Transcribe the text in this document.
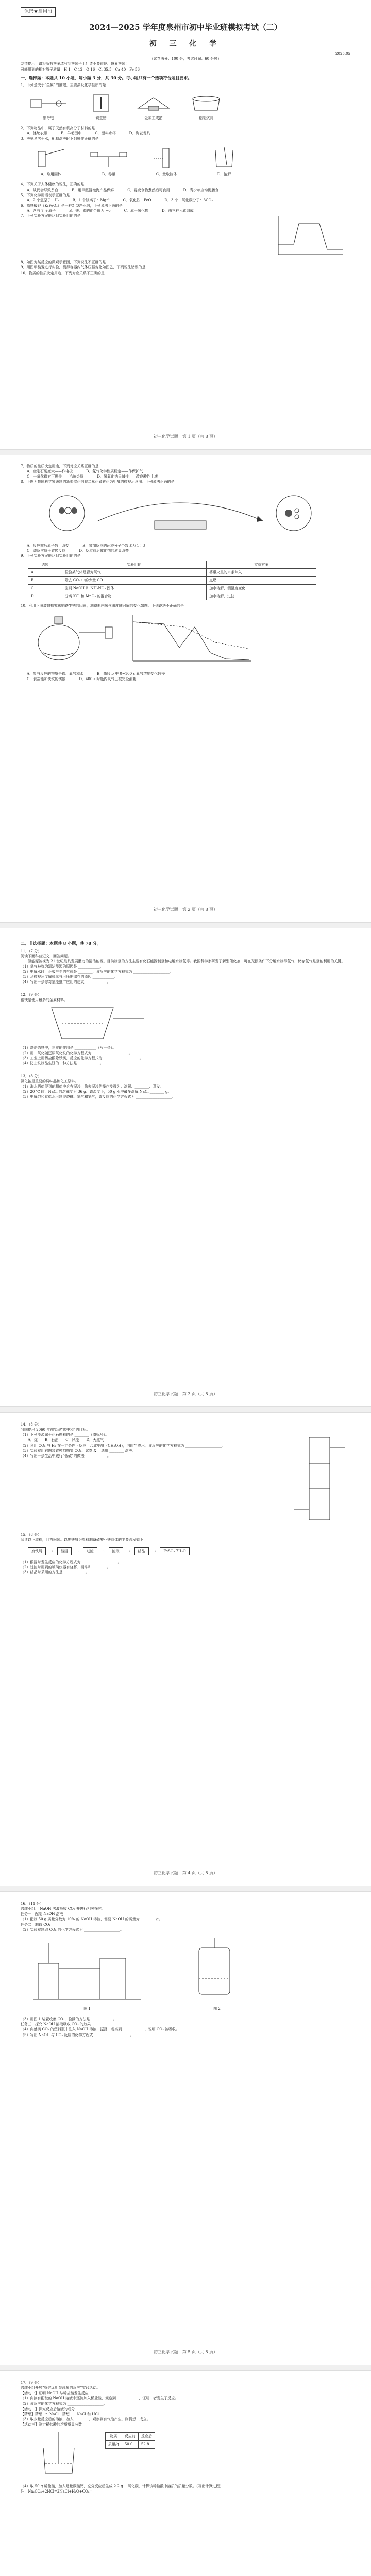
保密★启用前
2024—2025 学年度泉州市初中毕业班模拟考试（二）
初 三 化 学
2025.05

（试卷满分：100 分；考试时间：60 分钟）

友情提示：请将所有答案填写到答题卡上！请不要错位、越界答题！

可能用到的相对原子质量：H 1　C 12　O 16　Cl 35.5　Ca 40　Fe 56

一、选择题：本题共 10 小题，每小题 3 分，共 30 分。每小题只有一个选项符合题目要求。

1．下列是关于“金属”的描述，主要涉及化学性质的是

铜导电	铁生锈	金加工成箔	铝制炊具

2．下列物品中，属于天然有机高分子材料的是

A．涤纶衣服	B．羊毛围巾	C．塑料水杯	D．陶瓷餐具

3．液氨易溶于水，配制溶液时下列操作正确的是

A．取用固体	B．称量	C．量取液体	D．溶解

4．下列关于人体健康的说法，正确的是

A．缺钙会导致贫血	B．用甲醛浸泡海产品保鲜	C．霉变食物煮熟后可食用	D．青少年应均衡膳食

5．下列化学用语表示正确的是

A．2 个氢原子：H₂	B．1 个镁离子：Mg⁺²	C．氧化铁：FeO	D．3 个二氧化碳分子：3CO₂

6．高铁酸钾（K₂FeO₄）是一种新型净水剂，下列说法正确的是

A．含有 7 个原子	B．铁元素的化合价为 +6	C．属于氧化物	D．由三种元素组成

7．下列实验方案能达到实验目的的是

8．如图为某反应的微观示意图，下列说法不正确的是

9．用图甲装置进行实验，测得容器内气体压强变化如图乙，下列说法错误的是

10．物质的性质决定用途，下列对应关系不正确的是

初三化学试题　第 1 页（共 8 页）

7．物质的性质决定用途，下列对应关系正确的是

A．金刚石硬度大——作电极	B．氮气化学性质稳定——作保护气
C．一氧化碳有可燃性——冶炼金属	D．氢氧化钠呈碱性——改良酸性土壤

8．下图为我国科学家研制的新型催化剂将二氧化碳转化为甲醇的微观示意图。下列说法正确的是

A．反应前后原子数目改变	B．参加反应的两种分子个数比为 1∶3
C．该反应属于置换反应	D．反应前后催化剂的质量改变

9．下列实验方案能达到实验目的的是

选项	实验目的	实验方案
A	检验某气体是否为氧气	将带火星的木条伸入
B	除去 CO₂ 中的少量 CO	点燃
C	鉴别 NaOH 和 NH₄NO₃ 固体	加水溶解，测温度变化
D	分离 KCl 和 MnO₂ 的混合物	加水溶解、过滤

10．利用下图装置探究影响铁生锈的因素，测得瓶内氧气浓度随时间的变化如图。下列说法不正确的是

A．参与反应的物质是铁、氧气和水	B．曲线 b 中 0~100 s 氧气浓度变化较慢
C．食盐能加快铁的锈蚀	D．400 s 时瓶内氧气已被完全消耗
初三化学试题　第 2 页（共 8 页）
二、非选择题：本题共 8 小题，共 70 分。

11．（7 分）

阅读下面科普短文，回答问题。

氢能源被视为 21 世纪最具发展潜力的清洁能源。目前制氢的方法主要有化石能源制氢和电解水制氢等。我国科学家研发了新型催化剂，可在光照条件下分解水制得氢气，储存氢气是氢能利用的关键。

（1）氢气被称为清洁能源的原因是 ____________。

（2）电解水时，正极产生的气体是 ________，该反应的化学方程式为 ____________________。

（3）从微观角度解释氢气可压缩储存的原因 ____________。

（4）写出一条你对氢能推广应用的建议 ____________。

12．（9 分）

钢铁是使用最多的金属材料。

（1）高炉炼铁中，焦炭的作用是 ____________（写一条）。

（2）用一氧化碳还原氧化铁的化学方程式为 ____________________。

（3）工业上用稀盐酸除铁锈，反应的化学方程式为 ____________________。

（4）防止铁制品生锈的一种方法是 ____________。

13．（8 分）

氯化钠是重要的调味品和化工原料。

（1）海水晒盐得到的粗盐中含有泥沙，除去泥沙的操作步骤为：溶解、________、蒸发。

（2）20 ℃ 时，NaCl 的溶解度为 36 g。该温度下，50 g 水中最多溶解 NaCl ________ g。

（3）电解饱和食盐水可制得烧碱、氢气和氯气，该反应的化学方程式为 ____________________。

初三化学试题　第 3 页（共 8 页）

14．（8 分）

我国提出 2060 年前实现“碳中和”的目标。

（1）下列能源属于化石燃料的是 ________（填标号）。

　　A．煤　　B．石油　　C．风能　　D．天然气

（2）利用 CO₂ 与 H₂ 在一定条件下反应可合成甲醇（CH₃OH），同时生成水，该反应的化学方程式为 ____________________。

（3）实验室用右图装置模拟捕集 CO₂，试剂 X 可选用 ________ 溶液。

（4）写出一条生活中践行“低碳”的做法 ____________。

15．（8 分）

阅读以下流程，回答问题。以废铁屑为原料制备硫酸亚铁晶体的主要流程如下：

废铁屑	→	酸浸	→	过滤	→	滤液	→	结晶	→	FeSO₄·7H₂O

（1）酸浸时发生反应的化学方程式为 ____________________。

（2）过滤时用到的玻璃仪器有烧杯、漏斗和 ________。

（3）结晶时采用的方法是 ____________。

初三化学试题　第 4 页（共 8 页）

16．（11 分）

兴趣小组用 NaOH 溶液吸收 CO₂ 并进行相关探究。

任务一　配制 NaOH 溶液

（1）配制 50 g 质量分数为 10% 的 NaOH 溶液，需要 NaOH 的质量为 ________ g。

任务二　制取 CO₂

（2）实验室制取 CO₂ 的化学方程式为 ____________________。

图 1	图 2

（3）用图 1 装置收集 CO₂，验满的方法是 ____________。

任务三　探究 NaOH 溶液吸收 CO₂ 的效果

（4）向盛满 CO₂ 的塑料瓶中注入 NaOH 溶液，振荡，观察到 ____________，说明 CO₂ 被吸收。

（5）写出 NaOH 与 CO₂ 反应的化学方程式 ____________________。

初三化学试题　第 5 页（共 8 页）

17．（9 分）

兴趣小组开展“探究无明显现象的反应”实践活动。

【活动一】证明 NaOH 与稀盐酸发生反应

（1）向滴有酚酞的 NaOH 溶液中逐滴加入稀盐酸，观察到 ____________，证明二者发生了反应。

（2）该反应的化学方程式为 ____________________。

【活动二】探究反应后溶液的成分

【猜想】猜想一：NaCl　猜想二：NaCl 和 HCl

（3）取少量反应后的溶液，加入 ________，观察到有气泡产生，则猜想二成立。

【活动三】测定稀盐酸的溶质质量分数

物质	反应前	反应后
质量/g	50.0	52.8

（4）取 50 g 稀盐酸，加入足量碳酸钙，充分反应后生成 2.2 g 二氧化碳，计算该稀盐酸中溶质的质量分数。（写出计算过程）

注：Na₂CO₃+2HCl=2NaCl+H₂O+CO₂↑
